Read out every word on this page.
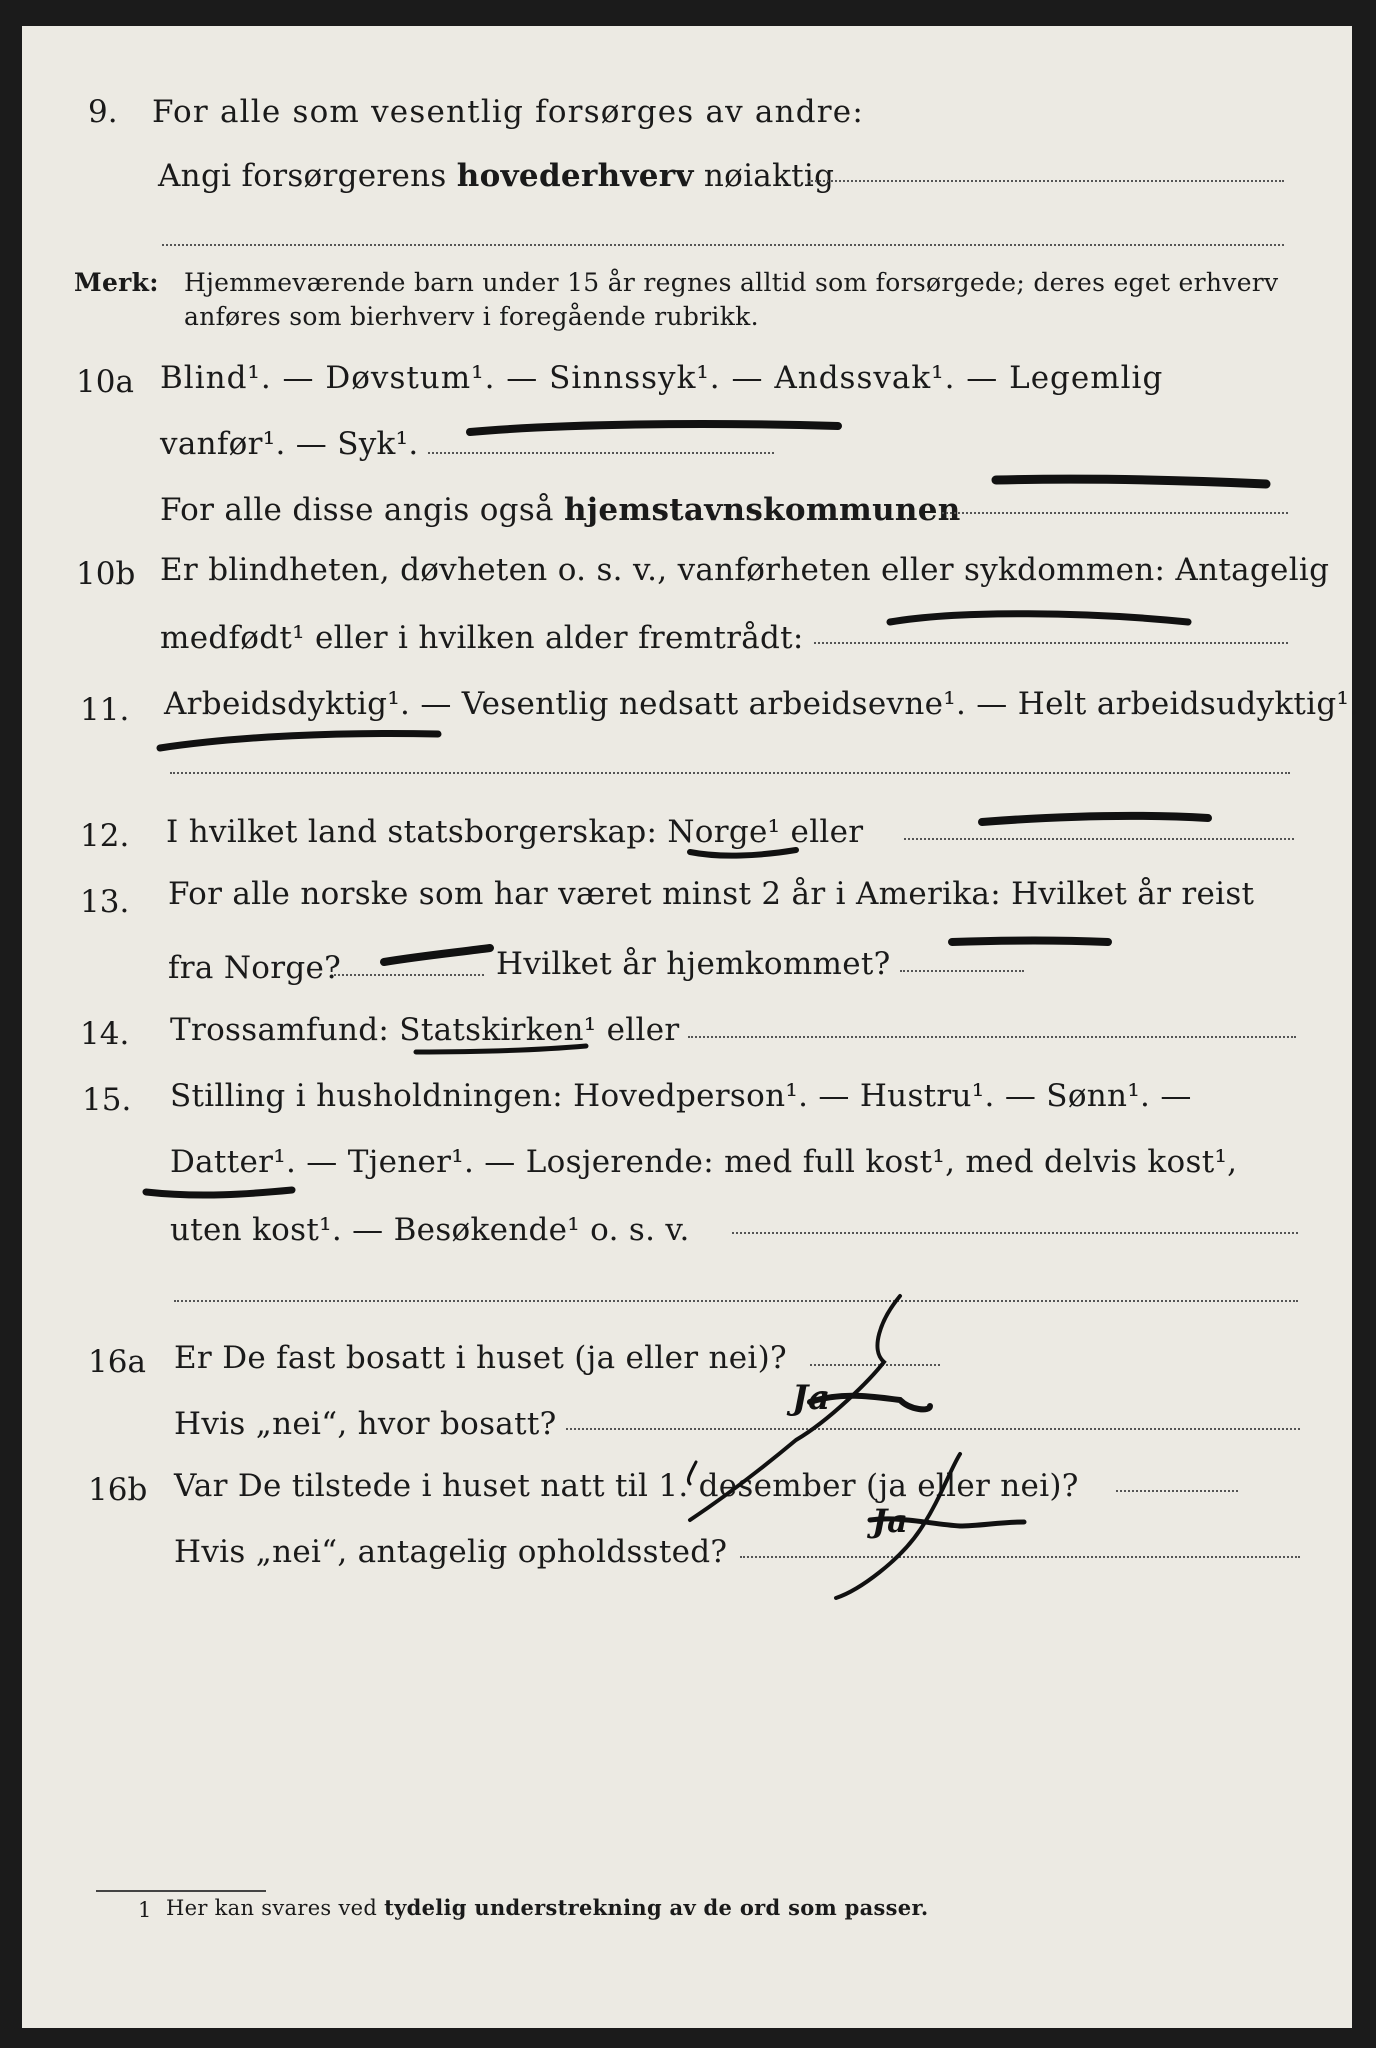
9. For alle som vesentlig forsørges av andre:
Angi forsørgerens hovederhverv nøiaktig
Merk: Hjemmeværende barn under 15 år regnes alltid som forsørgede; deres eget erhverv
anføres som bierhverv i foregående rubrikk.
10a Blind¹. — Døvstum¹. — Sinnssyk¹. — Andssvak¹. — Legemlig
vanfør¹. — Syk¹.
For alle disse angis også hjemstavnskommunen
10b Er blindheten, døvheten o. s. v., vanførheten eller sykdommen: Antagelig
medfødt¹ eller i hvilken alder fremtrådt:
11. Arbeidsdyktig¹. — Vesentlig nedsatt arbeidsevne¹. — Helt arbeidsudyktig¹.
12. I hvilket land statsborgerskap: Norge¹ eller
13. For alle norske som har været minst 2 år i Amerika: Hvilket år reist
fra Norge?	Hvilket år hjemkommet?
14. Trossamfund: Statskirken¹ eller
15. Stilling i husholdningen: Hovedperson¹. — Hustru¹. — Sønn¹. —
Datter¹. — Tjener¹. — Losjerende: med full kost¹, med delvis kost¹,
uten kost¹. — Besøkende¹ o. s. v.
16a Er De fast bosatt i huset (ja eller nei)?
Hvis „nei“, hvor bosatt?
16b Var De tilstede i huset natt til 1. desember (ja eller nei)?
Hvis „nei“, antagelig opholdssted?
Ja
Ja
1 Her kan svares ved tydelig understrekning av de ord som passer.
